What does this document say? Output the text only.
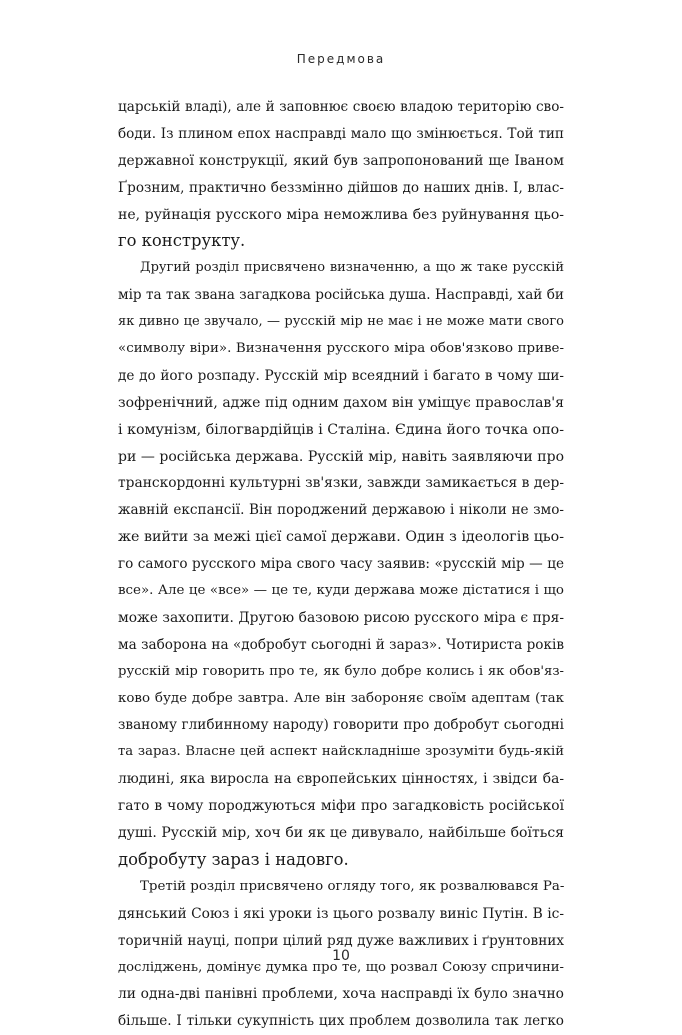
Передмова
царській владі), але й заповнює своєю владою територію сво-
боди. Із плином епох насправді мало що змінюється. Той тип
державної конструкції, який був запропонований ще Іваном
Ґрозним, практично беззмінно дійшов до наших днів. І, влас-
не, руйнація русского міра неможлива без руйнування цьо-
го конструкту.
Другий розділ присвячено визначенню, а що ж таке русскій
мір та так звана загадкова російська душа. Насправді, хай би
як дивно це звучало, — русскій мір не має і не може мати свого
«символу віри». Визначення русского міра обов'язково приве-
де до його розпаду. Русскій мір всеядний і багато в чому ши-
зофренічний, адже під одним дахом він уміщує православ'я
і комунізм, білогвардійців і Сталіна. Єдина його точка опо-
ри — російська держава. Русскій мір, навіть заявляючи про
транскордонні культурні зв'язки, завжди замикається в дер-
жавній експансії. Він породжений державою і ніколи не змо-
же вийти за межі цієї самої держави. Один з ідеологів цьо-
го самого русского міра свого часу заявив: «русскій мір — це
все». Але це «все» — це те, куди держава може дістатися і що
може захопити. Другою базовою рисою русского міра є пря-
ма заборона на «добробут сьогодні й зараз». Чотириста років
русскій мір говорить про те, як було добре колись і як обов'яз-
ково буде добре завтра. Але він забороняє своїм адептам (так
званому глибинному народу) говорити про добробут сьогодні
та зараз. Власне цей аспект найскладніше зрозуміти будь-якій
людині, яка виросла на європейських цінностях, і звідси ба-
гато в чому породжуються міфи про загадковість російської
душі. Русскій мір, хоч би як це дивувало, найбільше боїться
добробуту зараз і надовго.
Третій розділ присвячено огляду того, як розвалювався Ра-
дянський Союз і які уроки із цього розвалу виніс Путін. В іс-
торичній науці, попри цілий ряд дуже важливих і ґрунтовних
досліджень, домінує думка про те, що розвал Союзу спричини-
ли одна-дві панівні проблеми, хоча насправді їх було значно
більше. І тільки сукупність цих проблем дозволила так легко
10
